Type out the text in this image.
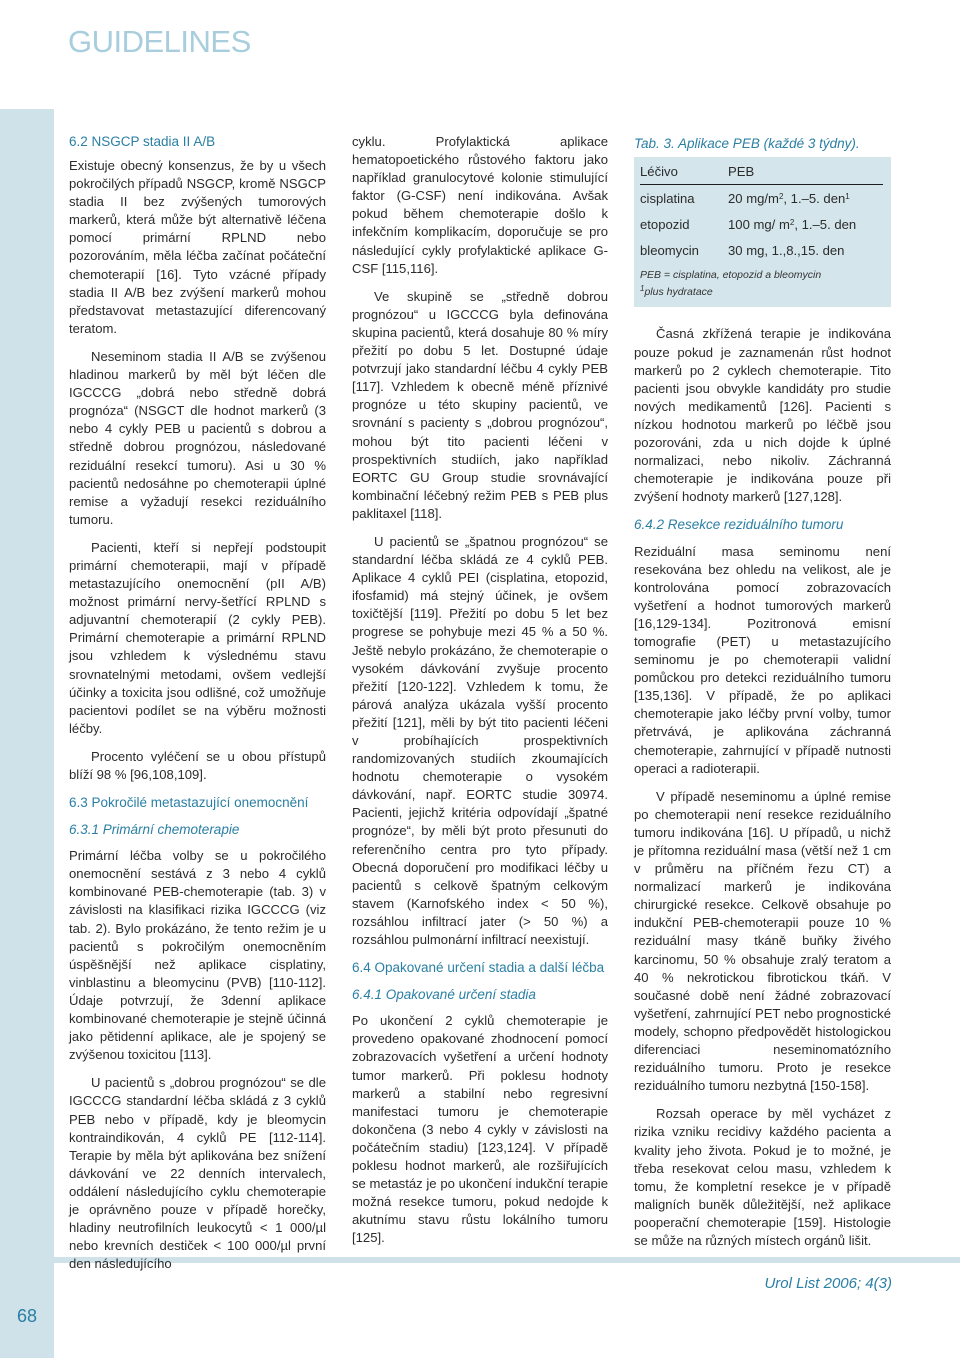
GUIDELINES
68
Urol List 2006; 4(3)
6.2 NSGCP stadia II A/B

Existuje obecný konsenzus, že by u všech pokročilých případů NSGCP, kromě NSGCP stadia II bez zvýšených tumorových markerů, která může být alternativě léčena pomocí primární RPLND nebo pozorováním, měla léčba začínat počáteční chemoterapií [16]. Tyto vzácné případy stadia II A/B bez zvýšení markerů mohou představovat metastazující diferencovaný teratom.

Neseminom stadia II A/B se zvýšenou hladinou markerů by měl být léčen dle IGCCCG „dobrá nebo středně dobrá prognóza“ (NSGCT dle hodnot markerů (3 nebo 4 cykly PEB u pacientů s dobrou a středně dobrou prognózou, následované reziduální resekcí tumoru). Asi u 30 % pacientů nedosáhne po chemoterapii úplné remise a vyžadují resekci reziduálního tumoru.

Pacienti, kteří si nepřejí podstoupit primární chemoterapii, mají v případě metastazujícího onemocnění (pII A/B) možnost primární nervy-šetřící RPLND s adjuvantní chemoterapií (2 cykly PEB). Primární chemoterapie a primární RPLND jsou vzhledem k výslednému stavu srovnatelnými metodami, ovšem vedlejší účinky a toxicita jsou odlišné, což umožňuje pacientovi podílet se na výběru možnosti léčby.

Procento vyléčení se u obou přístupů blíží 98 % [96,108,109].

6.3 Pokročilé metastazující onemocnění
6.3.1 Primární chemoterapie

Primární léčba volby se u pokročilého onemocnění sestává z 3 nebo 4 cyklů kombinované PEB-chemoterapie (tab. 3) v závislosti na klasifikaci rizika IGCCCG (viz tab. 2). Bylo prokázáno, že tento režim je u pacientů s pokročilým onemocněním úspěšnější než aplikace cisplatiny, vinblastinu a bleomycinu (PVB) [110-112]. Údaje potvrzují, že 3denní aplikace kombinované chemoterapie je stejně účinná jako pětidenní aplikace, ale je spojený se zvýšenou toxicitou [113].

U pacientů s „dobrou prognózou“ se dle IGCCCG standardní léčba skládá z 3 cyklů PEB nebo v případě, kdy je bleomycin kontraindikován, 4 cyklů PE [112-114]. Terapie by měla být aplikována bez snížení dávkování ve 22 denních intervalech, oddálení následujícího cyklu chemoterapie je oprávněno pouze v případě horečky, hladiny neutrofilních leukocytů < 1 000/µl nebo krevních destiček < 100 000/µl první den následujícího

cyklu. Profylaktická aplikace hematopoetického růstového faktoru jako například granulocytové kolonie stimulující faktor (G-CSF) není indikována. Avšak pokud během chemoterapie došlo k infekčním komplikacím, doporučuje se pro následující cykly profylaktické aplikace G-CSF [115,116].

Ve skupině se „středně dobrou prognózou“ u IGCCCG byla definována skupina pacientů, která dosahuje 80 % míry přežití po dobu 5 let. Dostupné údaje potvrzují jako standardní léčbu 4 cykly PEB [117]. Vzhledem k obecně méně příznivé prognóze u této skupiny pacientů, ve srovnání s pacienty s „dobrou prognózou“, mohou být tito pacienti léčeni v prospektivních studiích, jako například EORTC GU Group studie srovnávající kombinační léčebný režim PEB s PEB plus paklitaxel [118].

U pacientů se „špatnou prognózou“ se standardní léčba skládá ze 4 cyklů PEB. Aplikace 4 cyklů PEI (cisplatina, etopozid, ifosfamid) má stejný účinek, je ovšem toxičtější [119]. Přežití po dobu 5 let bez progrese se pohybuje mezi 45 % a 50 %. Ještě nebylo prokázáno, že chemoterapie o vysokém dávkování zvyšuje procento přežití [120-122]. Vzhledem k tomu, že párová analýza ukázala vyšší procento přežití [121], měli by být tito pacienti léčeni v probíhajících prospektivních randomizovaných studiích zkoumajících hodnotu chemoterapie o vysokém dávkování, např. EORTC studie 30974. Pacienti, jejichž kritéria odpovídají „špatné prognóze“, by měli být proto přesunuti do referenčního centra pro tyto případy. Obecná doporučení pro modifikaci léčby u pacientů s celkově špatným celkovým stavem (Karnofského index < 50 %), rozsáhlou infiltrací jater (> 50 %) a rozsáhlou pulmonární infiltrací neexistují.

6.4 Opakované určení stadia a další léčba
6.4.1 Opakované určení stadia

Po ukončení 2 cyklů chemoterapie je provedeno opakované zhodnocení pomocí zobrazovacích vyšetření a určení hodnoty tumor markerů. Při poklesu hodnoty markerů a stabilní nebo regresivní manifestaci tumoru je chemoterapie dokončena (3 nebo 4 cykly v závislosti na počátečním stadiu) [123,124]. V případě poklesu hodnot markerů, ale rozšiřujících se metastáz je po ukončení indukční terapie možná resekce tumoru, pokud nedojde k akutnímu stavu růstu lokálního tumoru [125].

Tab. 3. Aplikace PEB (každé 3 týdny).
Léčivo	PEB
cisplatina	20 $mg/m^2$, 1.–5. den$^1$
etopozid	100 mg/ $m^2$, 1.–5. den
bleomycin	30 mg, 1.,8.,15. den
PEB = cisplatina, etopozid a bleomycin
$^1$plus hydratace

Časná zkřížená terapie je indikována pouze pokud je zaznamenán růst hodnot markerů po 2 cyklech chemoterapie. Tito pacienti jsou obvykle kandidáty pro studie nových medikamentů [126]. Pacienti s nízkou hodnotou markerů po léčbě jsou pozorováni, zda u nich dojde k úplné normalizaci, nebo nikoliv. Záchranná chemoterapie je indikována pouze při zvýšení hodnoty markerů [127,128].

6.4.2 Resekce reziduálního tumoru

Reziduální masa seminomu není resekována bez ohledu na velikost, ale je kontrolována pomocí zobrazovacích vyšetření a hodnot tumorových markerů [16,129-134]. Pozitronová emisní tomografie (PET) u metastazujícího seminomu je po chemoterapii validní pomůckou pro detekci reziduálního tumoru [135,136]. V případě, že po aplikaci chemoterapie jako léčby první volby, tumor přetrvává, je aplikována záchranná chemoterapie, zahrnující v případě nutnosti operaci a radioterapii.

V případě neseminomu a úplné remise po chemoterapii není resekce reziduálního tumoru indikována [16]. U případů, u nichž je přítomna reziduální masa (větší než 1 cm v průměru na příčném řezu CT) a normalizací markerů je indikována chirurgické resekce. Celkově obsahuje po indukční PEB-chemoterapii pouze 10 % reziduální masy tkáně buňky živého karcinomu, 50 % obsahuje zralý teratom a 40 % nekrotickou fibrotickou tkáň. V současné době není žádné zobrazovací vyšetření, zahrnující PET nebo prognostické modely, schopno předpovědět histologickou diferenciaci neseminomatózního reziduálního tumoru. Proto je resekce reziduálního tumoru nezbytná [150-158].

Rozsah operace by měl vycházet z rizika vzniku recidivy každého pacienta a kvality jeho života. Pokud je to možné, je třeba resekovat celou masu, vzhledem k tomu, že kompletní resekce je v případě maligních buněk důležitější, než aplikace pooperační chemoterapie [159]. Histologie se může na různých místech orgánů lišit.
